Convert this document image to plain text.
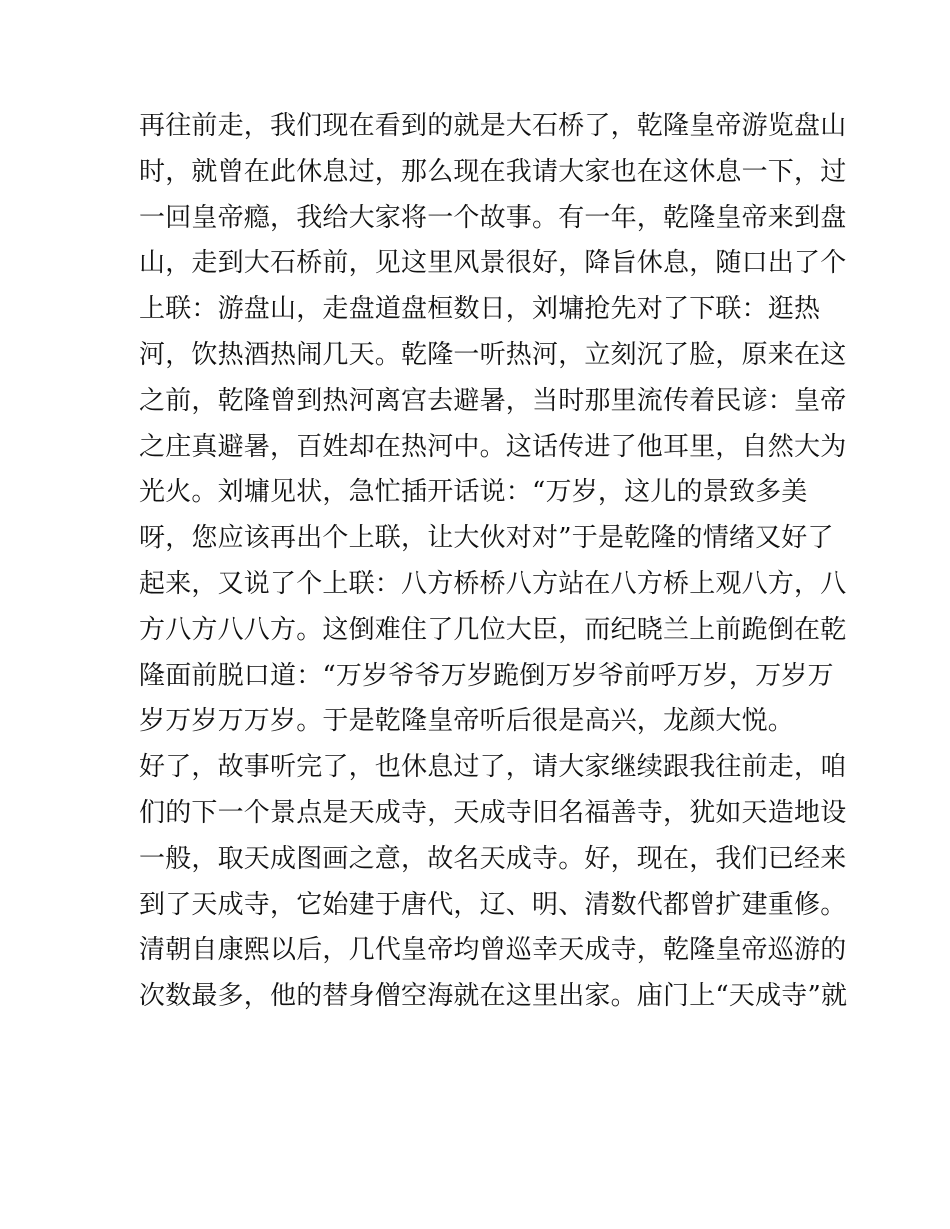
再往前走，我们现在看到的就是大石桥了，乾隆皇帝游览盘山
时，就曾在此休息过，那么现在我请大家也在这休息一下，过
一回皇帝瘾，我给大家将一个故事。有一年，乾隆皇帝来到盘
山，走到大石桥前，见这里风景很好，降旨休息，随口出了个
上联：游盘山，走盘道盘桓数日，刘墉抢先对了下联：逛热
河，饮热酒热闹几天。乾隆一听热河，立刻沉了脸，原来在这
之前，乾隆曾到热河离宫去避暑，当时那里流传着民谚：皇帝
之庄真避暑，百姓却在热河中。这话传进了他耳里，自然大为
光火。刘墉见状，急忙插开话说：“万岁，这儿的景致多美
呀，您应该再出个上联，让大伙对对”于是乾隆的情绪又好了
起来，又说了个上联：八方桥桥八方站在八方桥上观八方，八
方八方八八方。这倒难住了几位大臣，而纪晓兰上前跪倒在乾
隆面前脱口道：“万岁爷爷万岁跪倒万岁爷前呼万岁，万岁万
岁万岁万万岁。于是乾隆皇帝听后很是高兴，龙颜大悦。
好了，故事听完了，也休息过了，请大家继续跟我往前走，咱
们的下一个景点是天成寺，天成寺旧名福善寺，犹如天造地设
一般，取天成图画之意，故名天成寺。好，现在，我们已经来
到了天成寺，它始建于唐代，辽、明、清数代都曾扩建重修。
清朝自康熙以后，几代皇帝均曾巡幸天成寺，乾隆皇帝巡游的
次数最多，他的替身僧空海就在这里出家。庙门上“天成寺”就
